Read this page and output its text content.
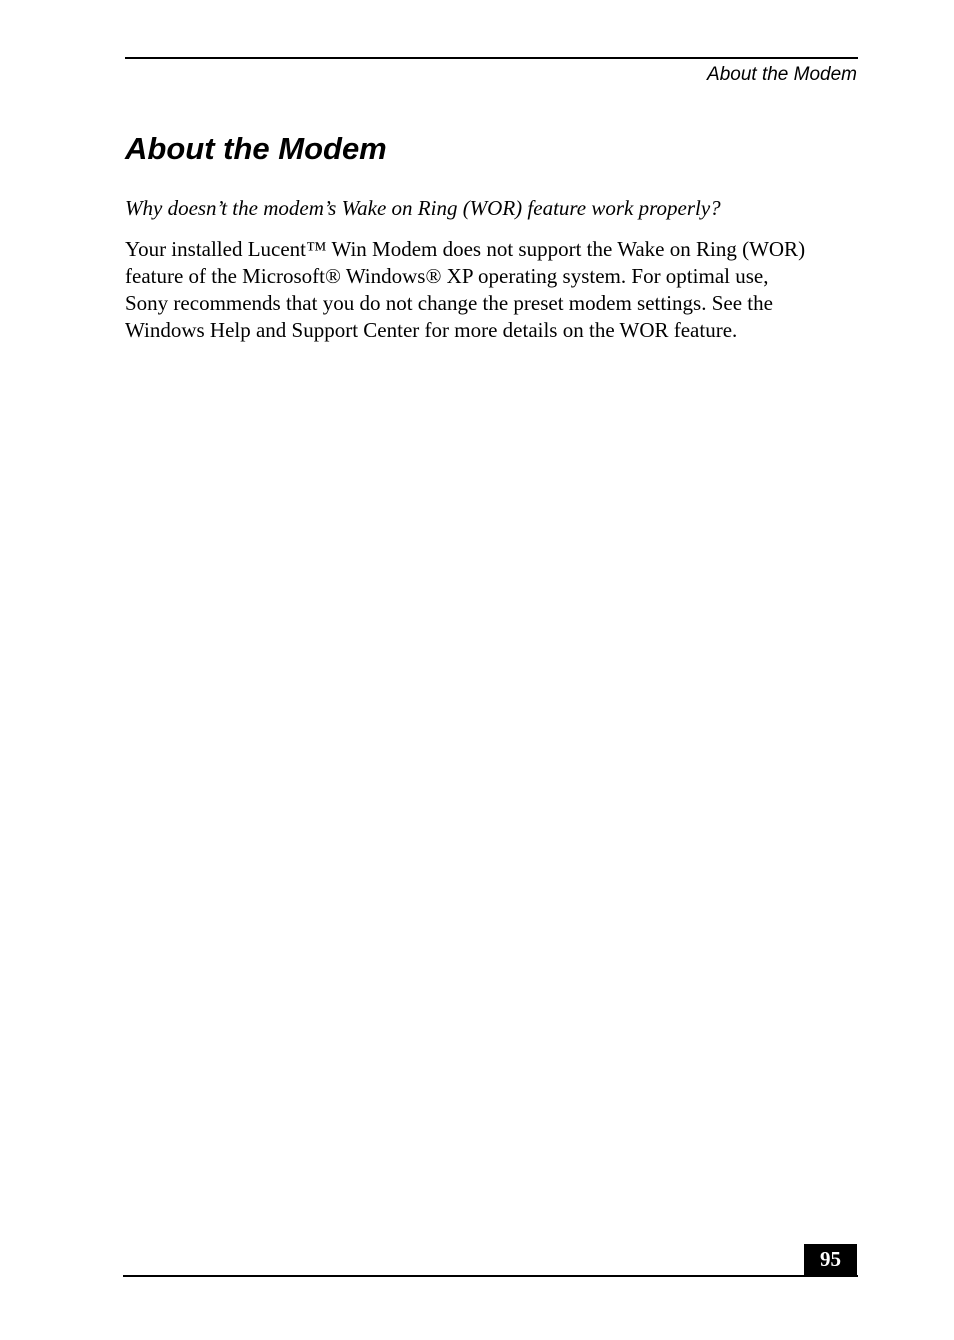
About the Modem
About the Modem

Why doesn’t the modem’s Wake on Ring (WOR) feature work properly?

Your installed Lucent™ Win Modem does not support the Wake on Ring (WOR)
feature of the Microsoft® Windows® XP operating system. For optimal use,
Sony recommends that you do not change the preset modem settings. See the
Windows Help and Support Center for more details on the WOR feature.

95
